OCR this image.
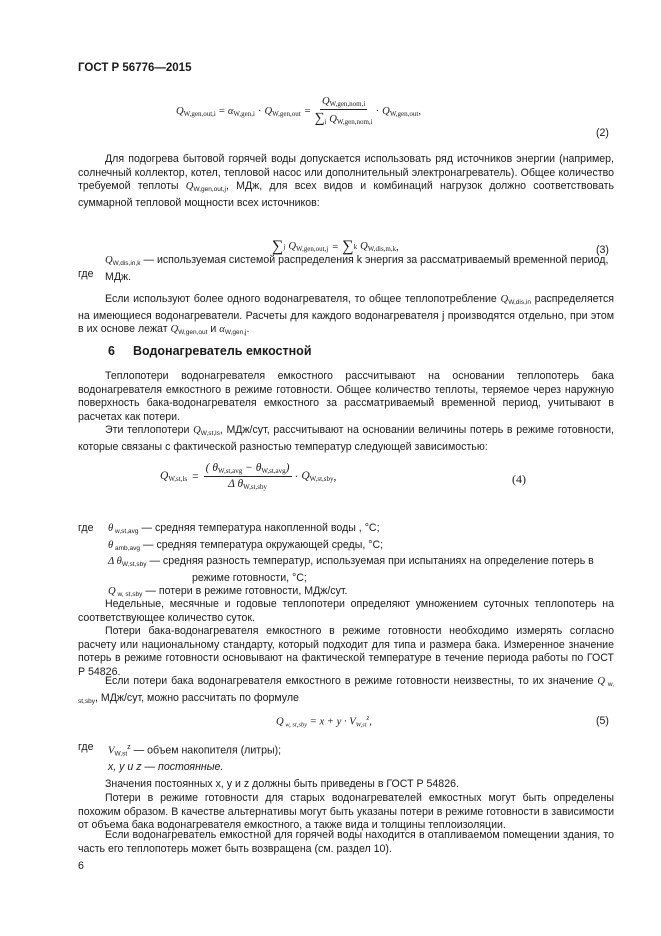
ГОСТ Р 56776—2015
$Q_{W,gen,out,i} = \alpha_{W,gen,i} \cdot Q_{W,gen,out} = \frac{Q_{W,gen,nom,i}}{\sum_i Q_{W,gen,nom,i}} \cdot Q_{W,gen,out}$ ,
(2)
Для подогрева бытовой горячей воды допускается использовать ряд источников энергии (например, солнечный коллектор, котел, тепловой насос или дополнительный электронагреватель). Общее количество требуемой теплоты QW,gen,out,j, МДж, для всех видов и комбинаций нагрузок должно соответствовать суммарной тепловой мощности всех источников:
∑ j $Q_{W,gen,out,j}$ = ∑ k $Q_{W,dis,m,k}$ ,	(3)
где
QW,dis,in,k — используемая системой распределения k энергия за рассматриваемый временной период, МДж.
Если используют более одного водонагревателя, то общее теплопотребление QW,dis,in распределяется на имеющиеся водонагреватели. Расчеты для каждого водонагревателя j производятся отдельно, при этом в их основе лежат QW,gen,out и αW,gen,j.
6 Водонагреватель емкостной
Теплопотери водонагревателя емкостного рассчитывают на основании теплопотерь бака водонагревателя емкостного в режиме готовности. Общее количество теплоты, теряемое через наружную поверхность бака-водонагревателя емкостного за рассматриваемый временной период, учитывают в расчетах как потери.
Эти теплопотери QW,st,ls, МДж/сут, рассчитывают на основании величины потерь в режиме готовности, которые связаны с фактической разностью температур следующей зависимостью:
$Q_{W,st,ls} = \frac{( \theta_{W,st,avg} - \theta_{W,st,avg})}{\Delta \theta_{W,st,sby}} \cdot Q_{W,st,sby}$ ,	(4)
где θ w,st,avg — средняя температура накопленной воды , °C;
θ amb,avg — средняя температура окружающей среды, °C;
Δ θW,st,sby — средняя разность температур, используемая при испытаниях на определение потерь в режиме готовности, °C;
Q w, st,sby — потери в режиме готовности, МДж/сут.
Недельные, месячные и годовые теплопотери определяют умножением суточных теплопотерь на соответствующее количество суток.
Потери бака-водонагревателя емкостного в режиме готовности необходимо измерять согласно расчету или национальному стандарту, который подходит для типа и размера бака. Измеренное значение потерь в режиме готовности основывают на фактической температуре в течение периода работы по ГОСТ Р 54826.
Если потери бака водонагревателя емкостного в режиме готовности неизвестны, то их значение Q w, st,sby, МДж/сут, можно рассчитать по формуле
Q w, $st,sby = x + y \cdot VW,st^z$,	(5)
где $VW,st^z$ — объем накопителя (литры);
x, y и z — постоянные.
Значения постоянных x, y и z должны быть приведены в ГОСТ Р 54826.
Потери в режиме готовности для старых водонагревателей емкостных могут быть определены похожим образом. В качестве альтернативы могут быть указаны потери в режиме готовности в зависимости от объема бака водонагревателя емкостного, а также вида и толщины теплоизоляции.
Если водонагреватель емкостной для горячей воды находится в отапливаемом помещении здания, то часть его теплопотерь может быть возвращена (см. раздел 10).
6
